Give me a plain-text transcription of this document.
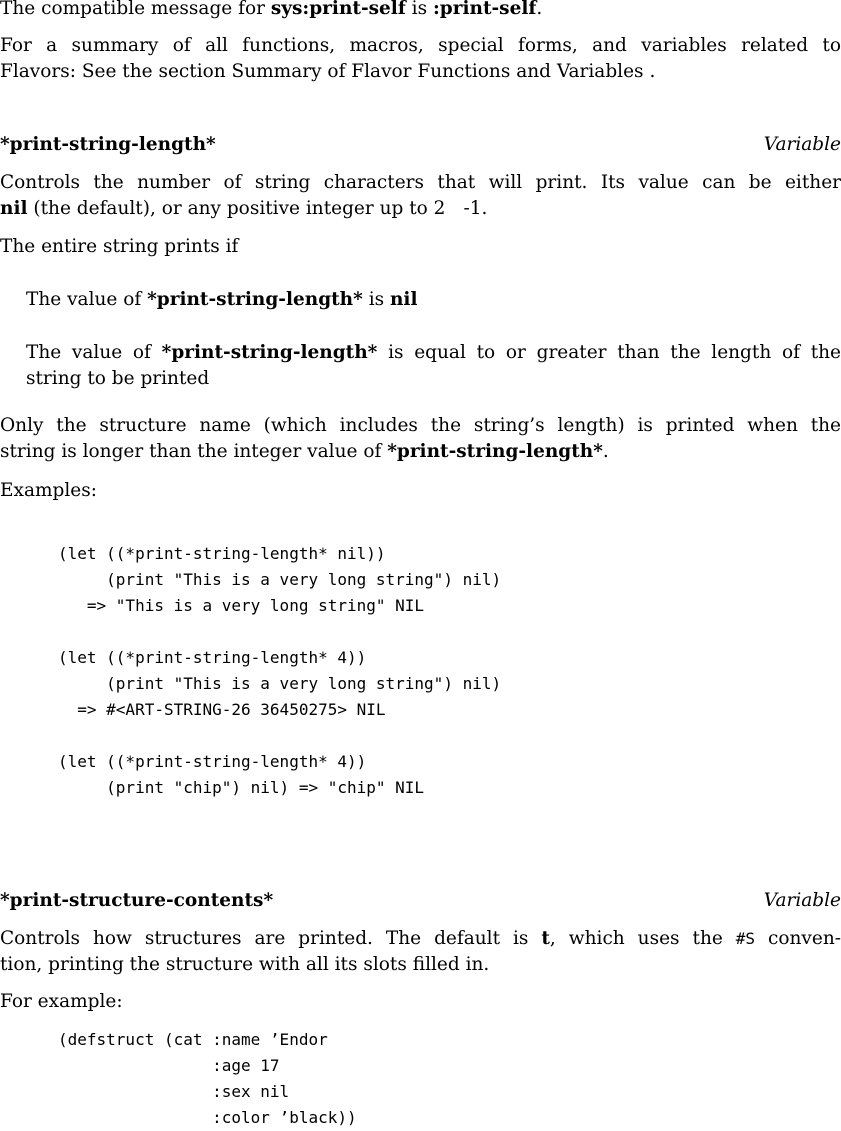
The compatible message for sys:print-self is :print-self.
For a summary of all functions, macros, special forms, and variables related to
Flavors: See the section Summary of Flavor Functions and Variables .
*print-string-length*	Variable
Controls the number of string characters that will print. Its value can be either
nil (the default), or any positive integer up to 2 -1.
The entire string prints if
The value of *print-string-length* is nil
The value of *print-string-length* is equal to or greater than the length of the
string to be printed
Only the structure name (which includes the string’s length) is printed when the
string is longer than the integer value of *print-string-length*.
Examples:
(let ((*print-string-length* nil))
(print "This is a very long string") nil)
=> "This is a very long string" NIL
(let ((*print-string-length* 4))
(print "This is a very long string") nil)
=> #<ART-STRING-26 36450275> NIL
(let ((*print-string-length* 4))
(print "chip") nil) => "chip" NIL
*print-structure-contents*	Variable
Controls how structures are printed. The default is t, which uses the #S conven-
tion, printing the structure with all its slots filled in.
For example:
(defstruct (cat :name ’Endor
:age 17
:sex nil
:color ’black))
